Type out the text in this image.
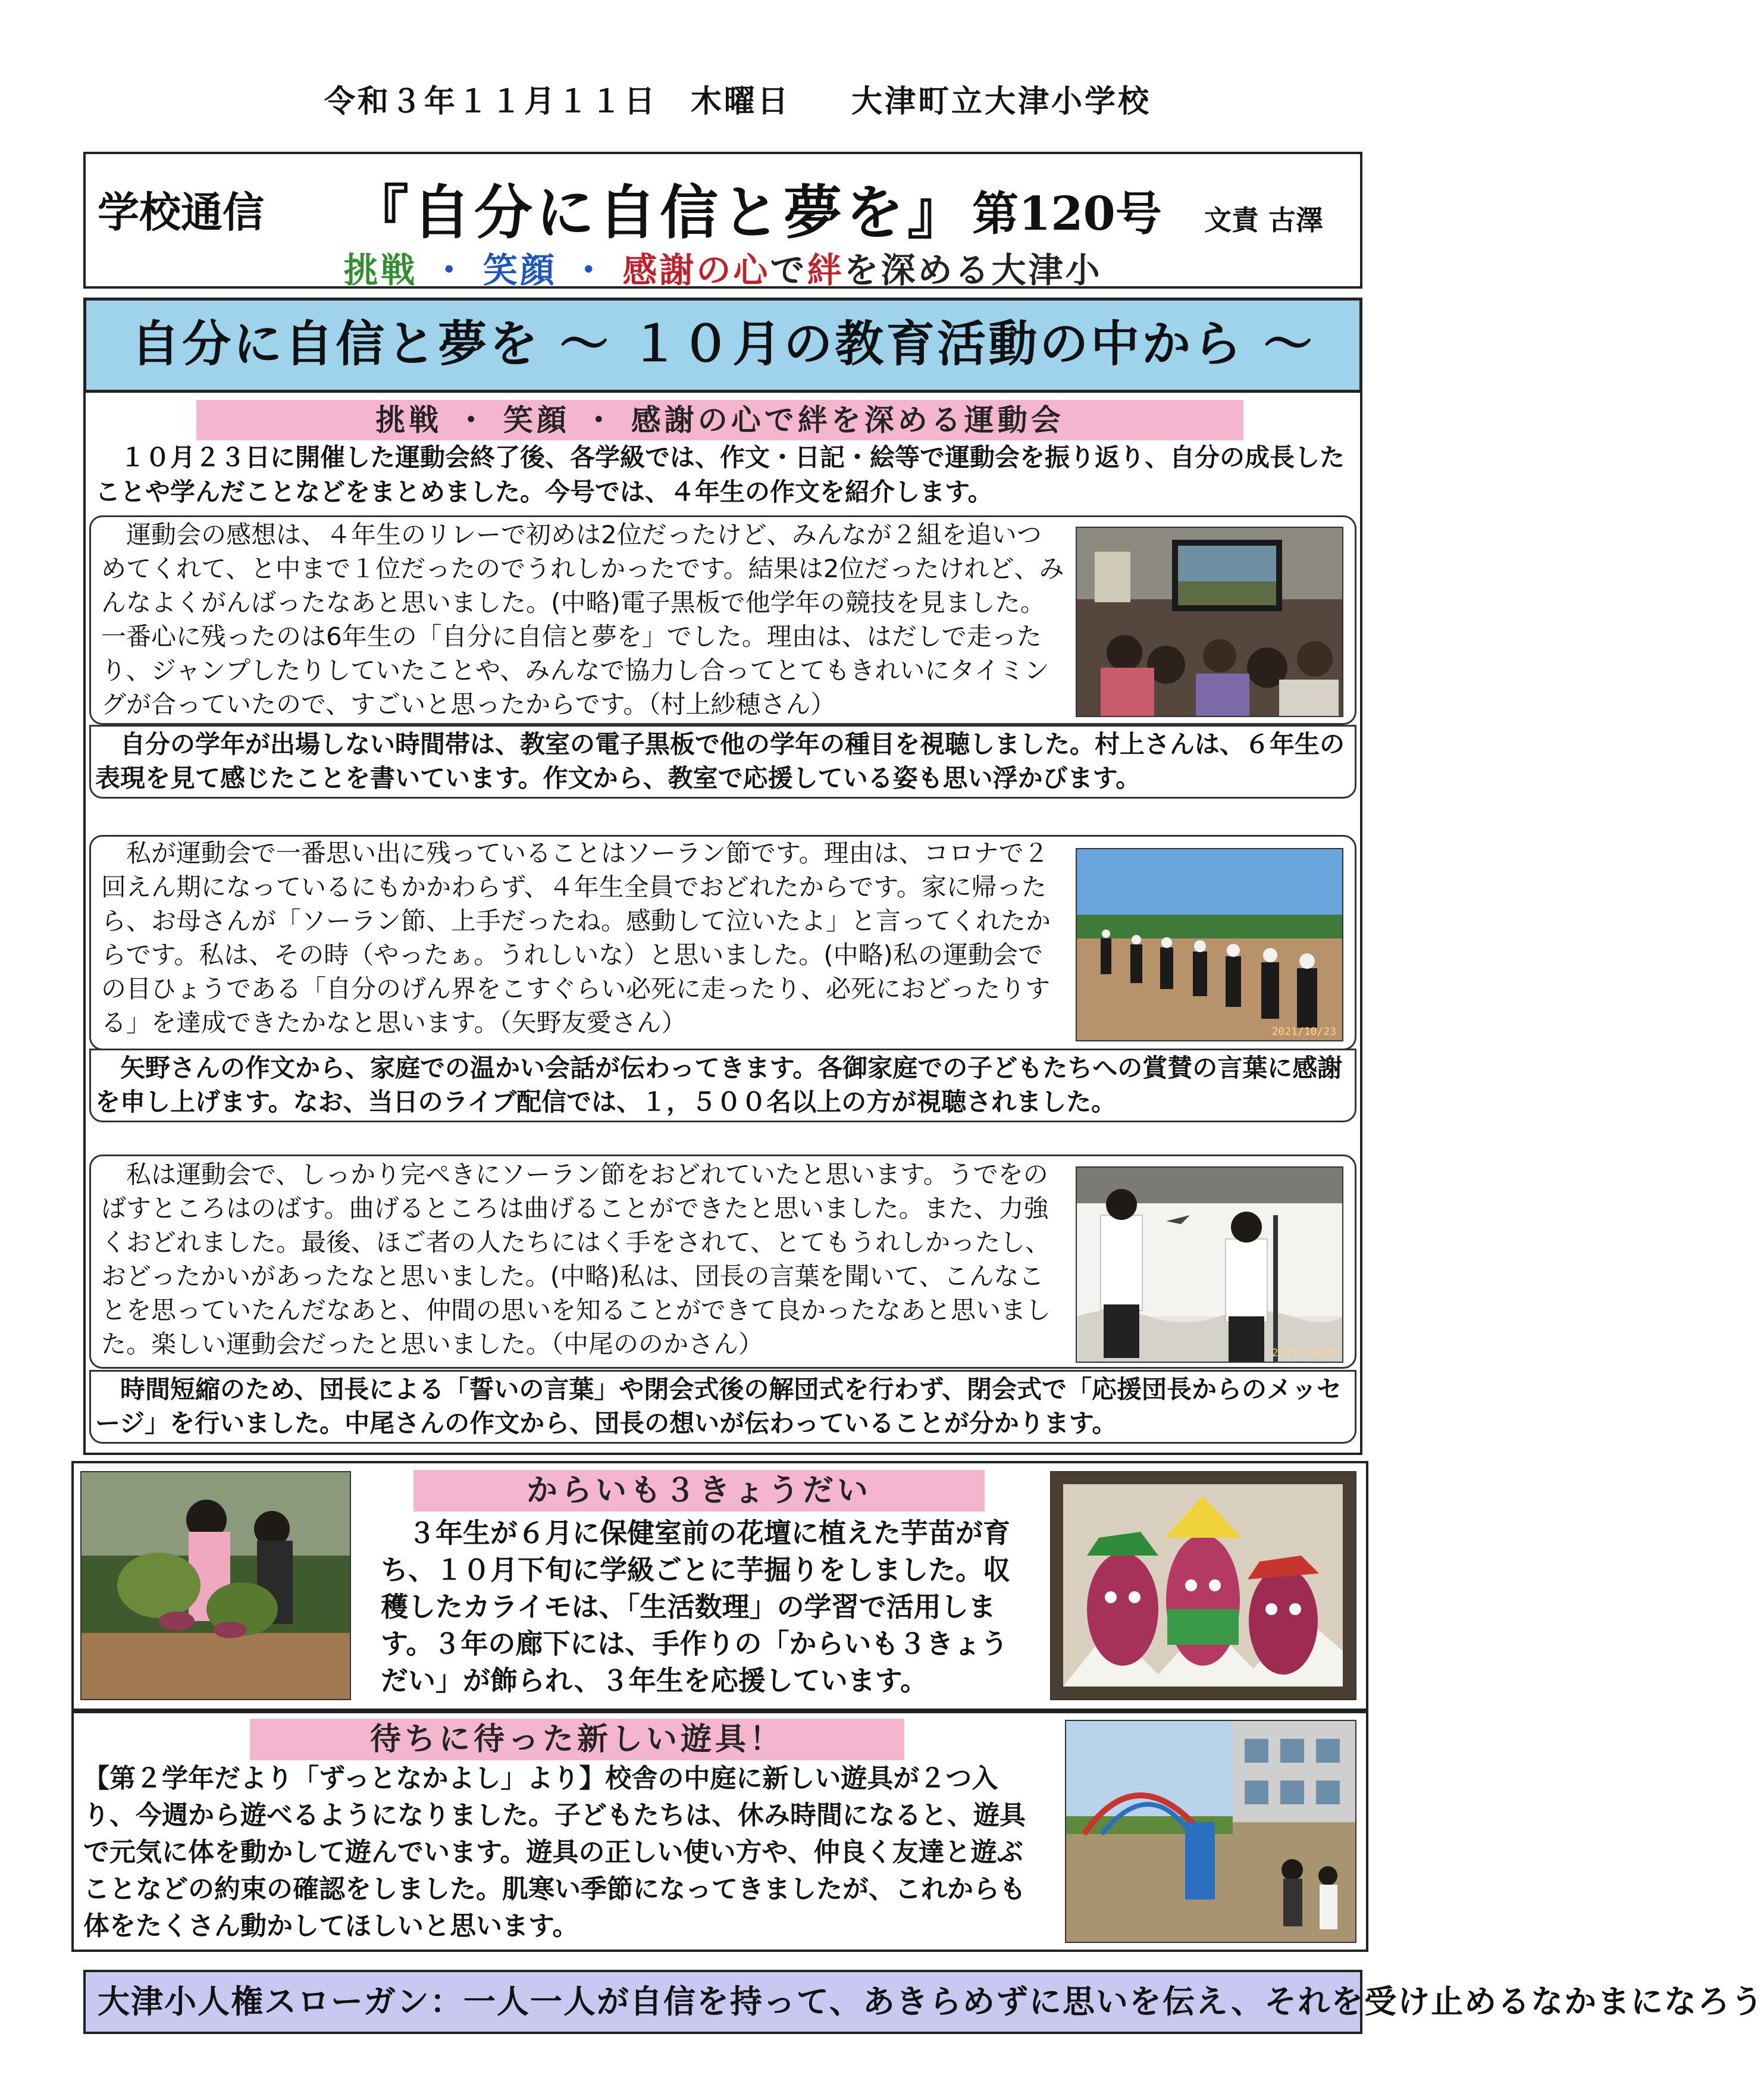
令和３年１１月１１日　木曜日 大津町立大津小学校
学校通信 『自分に自信と夢を』 第120号 文責 古澤
挑戦 ・ 笑顔 ・ 感謝の心で絆を深める大津小
自分に自信と夢を ～ １０月の教育活動の中から ～
挑戦 ・ 笑顔 ・ 感謝の心で絆を深める運動会
　１０月２３日に開催した運動会終了後、各学級では、作文・日記・絵等で運動会を振り返り、自分の成長したことや学んだことなどをまとめました。今号では、４年生の作文を紹介します。
　運動会の感想は、４年生のリレーで初めは2位だったけど、みんなが２組を追いつめてくれて、と中まで１位だったのでうれしかったです。結果は2位だったけれど、みんなよくがんばったなあと思いました。(中略)電子黒板で他学年の競技を見ました。一番心に残ったのは6年生の「自分に自信と夢を」でした。理由は、はだしで走ったり、ジャンプしたりしていたことや、みんなで協力し合ってとてもきれいにタイミングが合っていたので、すごいと思ったからです。（村上紗穂さん）
　自分の学年が出場しない時間帯は、教室の電子黒板で他の学年の種目を視聴しました。村上さんは、６年生の表現を見て感じたことを書いています。作文から、教室で応援している姿も思い浮かびます。
　私が運動会で一番思い出に残っていることはソーラン節です。理由は、コロナで２回えん期になっているにもかかわらず、４年生全員でおどれたからです。家に帰ったら、お母さんが「ソーラン節、上手だったね。感動して泣いたよ」と言ってくれたからです。私は、その時（やったぁ。うれしいな）と思いました。(中略)私の運動会での目ひょうである「自分のげん界をこすぐらい必死に走ったり、必死におどったりする」を達成できたかなと思います。（矢野友愛さん）	2021/10/23
　矢野さんの作文から、家庭での温かい会話が伝わってきます。各御家庭での子どもたちへの賞賛の言葉に感謝を申し上げます。なお、当日のライブ配信では、１，５００名以上の方が視聴されました。
　私は運動会で、しっかり完ぺきにソーラン節をおどれていたと思います。うでをのばすところはのばす。曲げるところは曲げることができたと思いました。また、力強くおどれました。最後、ほご者の人たちにはく手をされて、とてもうれしかったし、おどったかいがあったなと思いました。(中略)私は、団長の言葉を聞いて、こんなことを思っていたんだなあと、仲間の思いを知ることができて良かったなあと思いました。楽しい運動会だったと思いました。（中尾ののかさん）	2021/10/23
　時間短縮のため、団長による「誓いの言葉」や閉会式後の解団式を行わず、閉会式で「応援団長からのメッセージ」を行いました。中尾さんの作文から、団長の想いが伝わっていることが分かります。
からいも３きょうだい
　３年生が６月に保健室前の花壇に植えた芋苗が育ち、１０月下旬に学級ごとに芋掘りをしました。収穫したカライモは、「生活数理」の学習で活用します。３年の廊下には、手作りの「からいも３きょうだい」が飾られ、３年生を応援しています。
待ちに待った新しい遊具！
【第２学年だより「ずっとなかよし」より】校舎の中庭に新しい遊具が２つ入り、今週から遊べるようになりました。子どもたちは、休み時間になると、遊具で元気に体を動かして遊んでいます。遊具の正しい使い方や、仲良く友達と遊ぶことなどの約束の確認をしました。肌寒い季節になってきましたが、これからも体をたくさん動かしてほしいと思います。
大津小人権スローガン：一人一人が自信を持って、あきらめずに思いを伝え、それを受け止めるなかまになろう
